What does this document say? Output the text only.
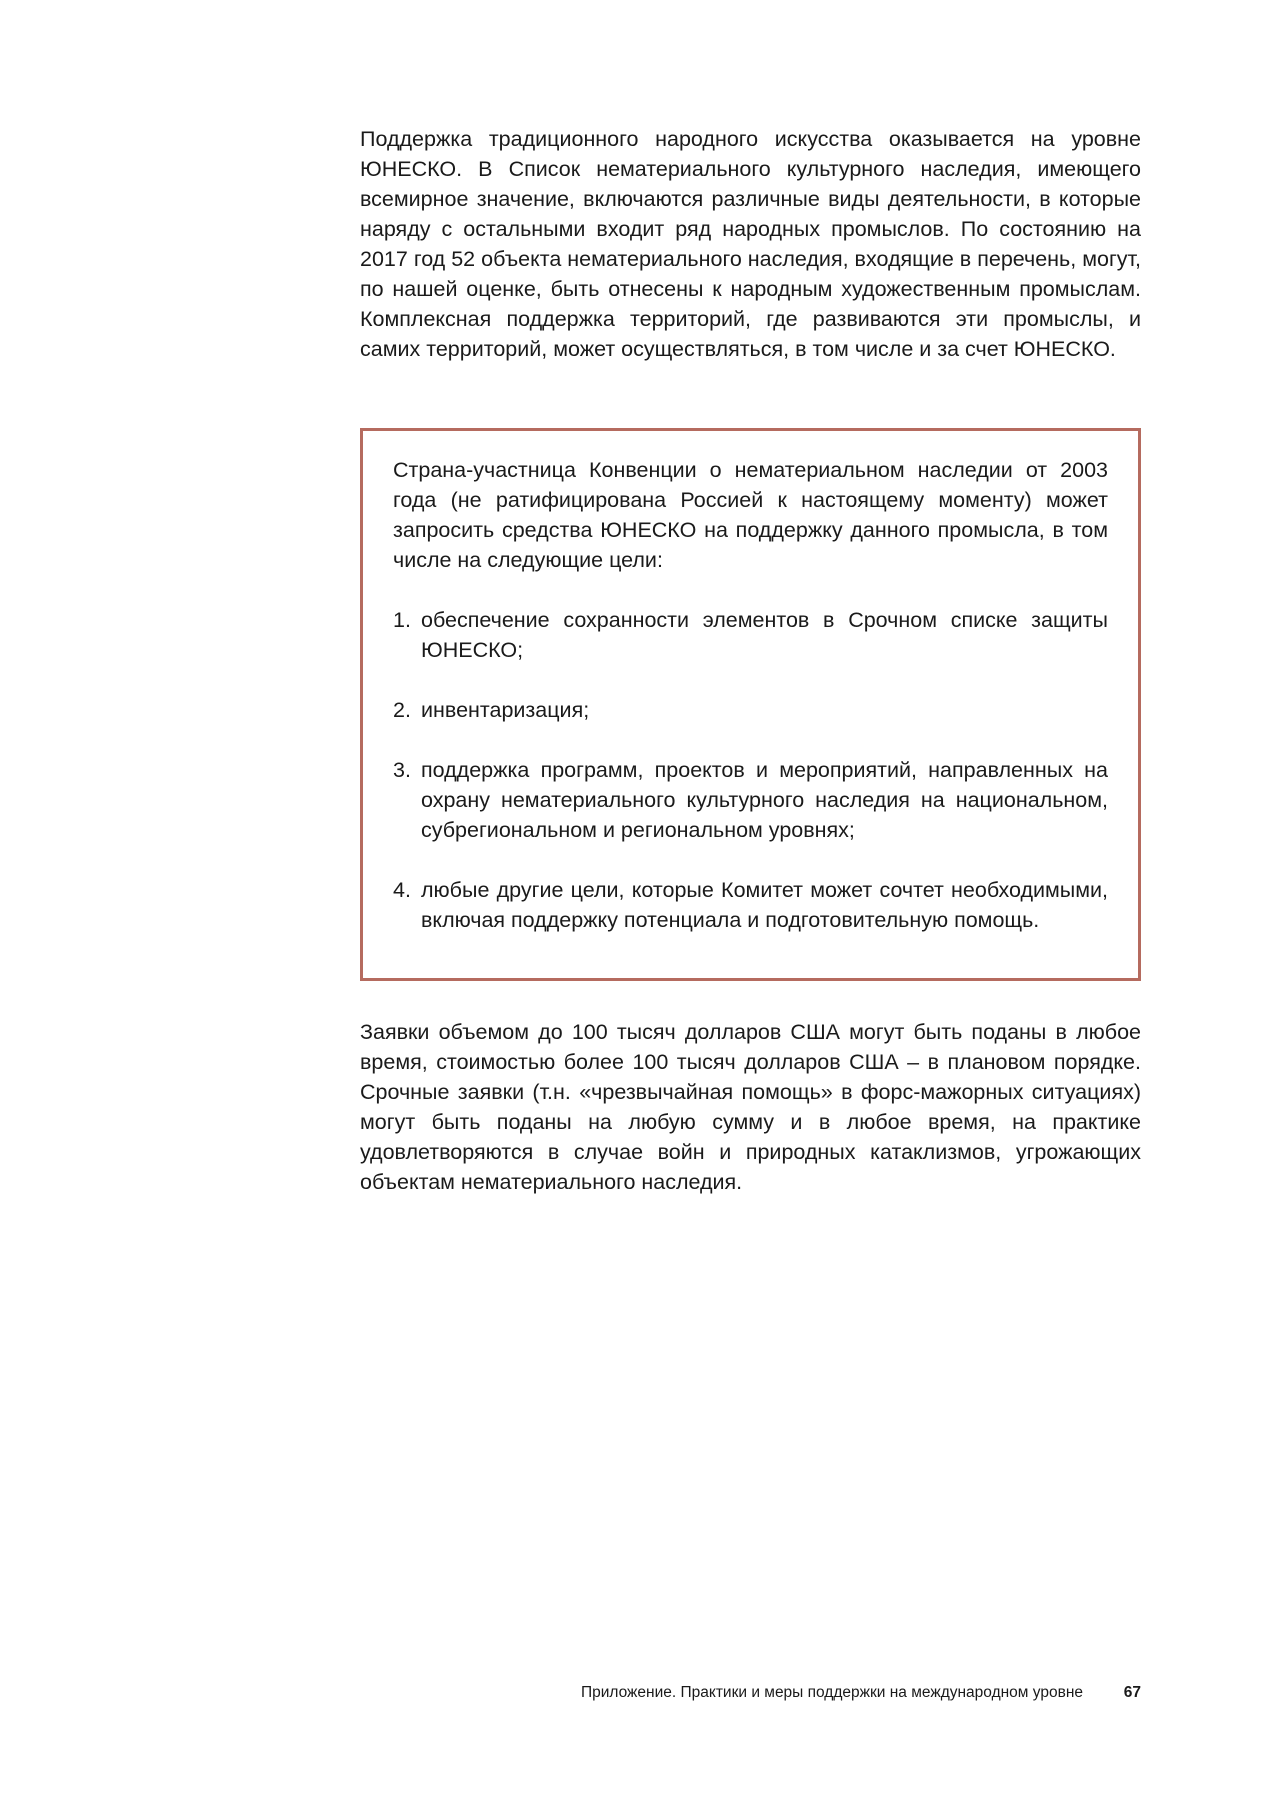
Поддержка традиционного народного искусства оказывается на уровне ЮНЕСКО. В Список нематериального культурного наследия, имеющего всемирное значение, включаются различные виды деятельности, в которые наряду с остальными входит ряд народных промыслов. По состоянию на 2017 год 52 объекта нематериального наследия, входящие в перечень, могут, по нашей оценке, быть отнесены к народным художественным промыслам. Комплексная поддержка территорий, где развиваются эти промыслы, и самих территорий, может осуществляться, в том числе и за счет ЮНЕСКО.

Страна-участница Конвенции о нематериальном наследии от 2003 года (не ратифицирована Россией к настоящему моменту) может запросить средства ЮНЕСКО на поддержку данного промысла, в том числе на следующие цели:

1. обеспечение сохранности элементов в Срочном списке защиты ЮНЕСКО;
2. инвентаризация;
3. поддержка программ, проектов и мероприятий, направленных на охрану нематериального культурного наследия на национальном, субрегиональном и региональном уровнях;
4. любые другие цели, которые Комитет может сочтет необходимыми, включая поддержку потенциала и подготовительную помощь.

Заявки объемом до 100 тысяч долларов США могут быть поданы в любое время, стоимостью более 100 тысяч долларов США – в плановом порядке. Срочные заявки (т.н. «чрезвычайная помощь» в форс-мажорных ситуациях) могут быть поданы на любую сумму и в любое время, на практике удовлетворяются в случае войн и природных катаклизмов, угрожающих объектам нематериального наследия.

Приложение. Практики и меры поддержки на международном уровне	67
